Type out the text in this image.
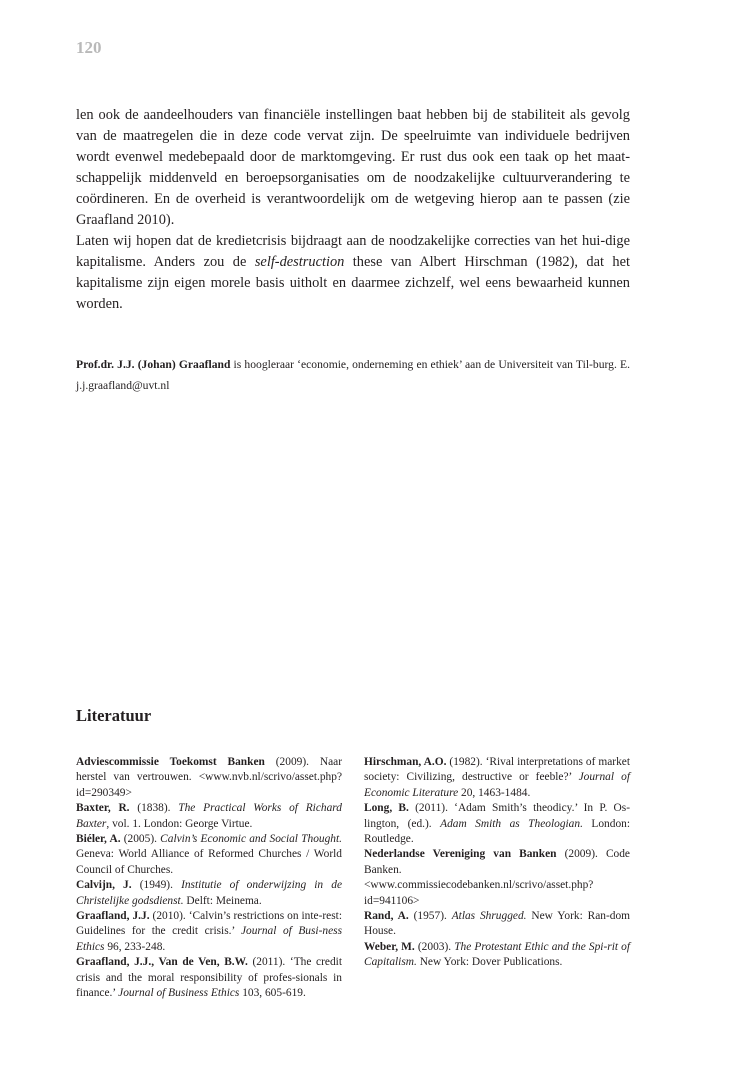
120

len ook de aandeelhouders van financiële instellingen baat hebben bij de stabiliteit als gevolg van de maatregelen die in deze code vervat zijn. De speelruimte van individuele bedrijven wordt evenwel medebepaald door de marktomgeving. Er rust dus ook een taak op het maat-schappelijk middenveld en beroepsorganisaties om de noodzakelijke cultuurverandering te coördineren. En de overheid is verantwoordelijk om de wetgeving hierop aan te passen (zie Graafland 2010).

Laten wij hopen dat de kredietcrisis bijdraagt aan de noodzakelijke correcties van het hui-dige kapitalisme. Anders zou de self-destruction these van Albert Hirschman (1982), dat het kapitalisme zijn eigen morele basis uitholt en daarmee zichzelf, wel eens bewaarheid kunnen worden.

Prof.dr. J.J. (Johan) Graafland is hoogleraar ‘economie, onderneming en ethiek’ aan de Universiteit van Til-burg. E. j.j.graafland@uvt.nl
Literatuur

Adviescommissie Toekomst Banken (2009). Naar herstel van vertrouwen. <www.nvb.nl/scrivo/asset.php?id=290349>

Baxter, R. (1838). The Practical Works of Richard Baxter, vol. 1. London: George Virtue.

Biéler, A. (2005). Calvin’s Economic and Social Thought. Geneva: World Alliance of Reformed Churches / World Council of Churches.

Calvijn, J. (1949). Institutie of onderwijzing in de Christelijke godsdienst. Delft: Meinema.

Graafland, J.J. (2010). ‘Calvin’s restrictions on inte-rest: Guidelines for the credit crisis.’ Journal of Busi-ness Ethics 96, 233-248.

Graafland, J.J., Van de Ven, B.W. (2011). ‘The credit crisis and the moral responsibility of profes-sionals in finance.’ Journal of Business Ethics 103, 605-619.

Hirschman, A.O. (1982). ‘Rival interpretations of market society: Civilizing, destructive or feeble?’ Journal of Economic Literature 20, 1463-1484.

Long, B. (2011). ‘Adam Smith’s theodicy.’ In P. Os-lington, (ed.). Adam Smith as Theologian. London: Routledge.

Nederlandse Vereniging van Banken (2009). Code Banken. <www.commissiecodebanken.nl/scrivo/asset.php?id=941106>

Rand, A. (1957). Atlas Shrugged. New York: Ran-dom House.

Weber, M. (2003). The Protestant Ethic and the Spi-rit of Capitalism. New York: Dover Publications.
